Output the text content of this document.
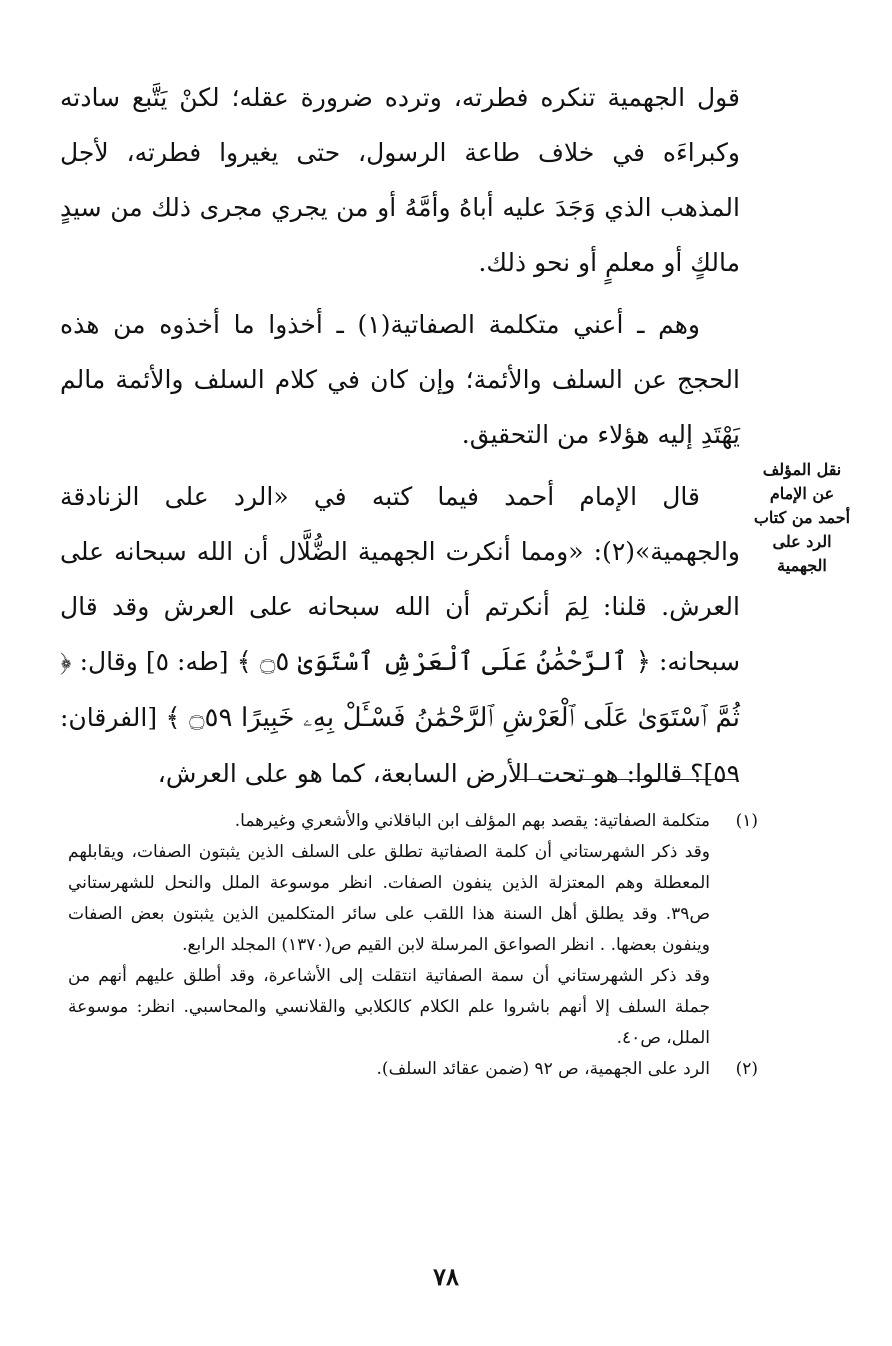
قول الجهمية تنكره فطرته، وترده ضرورة عقله؛ لكنْ يَتَّبع سادته وكبراءَه في خلاف طاعة الرسول، حتى يغيروا فطرته، لأجل المذهب الذي وَجَدَ عليه أباهُ وأمَّهُ أو من يجري مجرى ذلك من سيدٍ مالكٍ أو معلمٍ أو نحو ذلك.

وهم ـ أعني متكلمة الصفاتية(١) ـ أخذوا ما أخذوه من هذه الحجج عن السلف والأئمة؛ وإن كان في كلام السلف والأئمة مالم يَهْتَدِ إليه هؤلاء من التحقيق.

قال الإمام أحمد فيما كتبه في «الرد على الزنادقة والجهمية»(٢): «ومما أنكرت الجهمية الضُّلَّال أن الله سبحانه على العرش. قلنا: لِمَ أنكرتم أن الله سبحانه على العرش وقد قال سبحانه: ﴿ ٱلرَّحْمَٰنُ عَلَى ٱلْعَرْشِ ٱسْتَوَىٰ ۝٥ ﴾ [طه: ٥] وقال: ﴿ ثُمَّ ٱسْتَوَىٰ عَلَى ٱلْعَرْشِ ٱلرَّحْمَٰنُ فَسْـَٔلْ بِهِۦ خَبِيرًا ۝٥٩ ﴾ [الفرقان: ٥٩]؟ قالوا: هو تحت الأرض السابعة، كما هو على العرش،

نقل المؤلف عن الإمام أحمد من كتاب الرد على الجهمية
(١)

متكلمة الصفاتية: يقصد بهم المؤلف ابن الباقلاني والأشعري وغيرهما.

وقد ذكر الشهرستاني أن كلمة الصفاتية تطلق على السلف الذين يثبتون الصفات، ويقابلهم المعطلة وهم المعتزلة الذين ينفون الصفات. انظر موسوعة الملل والنحل للشهرستاني ص٣٩. وقد يطلق أهل السنة هذا اللقب على سائر المتكلمين الذين يثبتون بعض الصفات وينفون بعضها. . انظر الصواعق المرسلة لابن القيم ص(١٣٧٠) المجلد الرابع.

وقد ذكر الشهرستاني أن سمة الصفاتية انتقلت إلى الأشاعرة، وقد أطلق عليهم أنهم من جملة السلف إلا أنهم باشروا علم الكلام كالكلابي والقلانسي والمحاسبي. انظر: موسوعة الملل، ص٤٠.

(٢)

الرد على الجهمية، ص ٩٢ (ضمن عقائد السلف).

٧٨
